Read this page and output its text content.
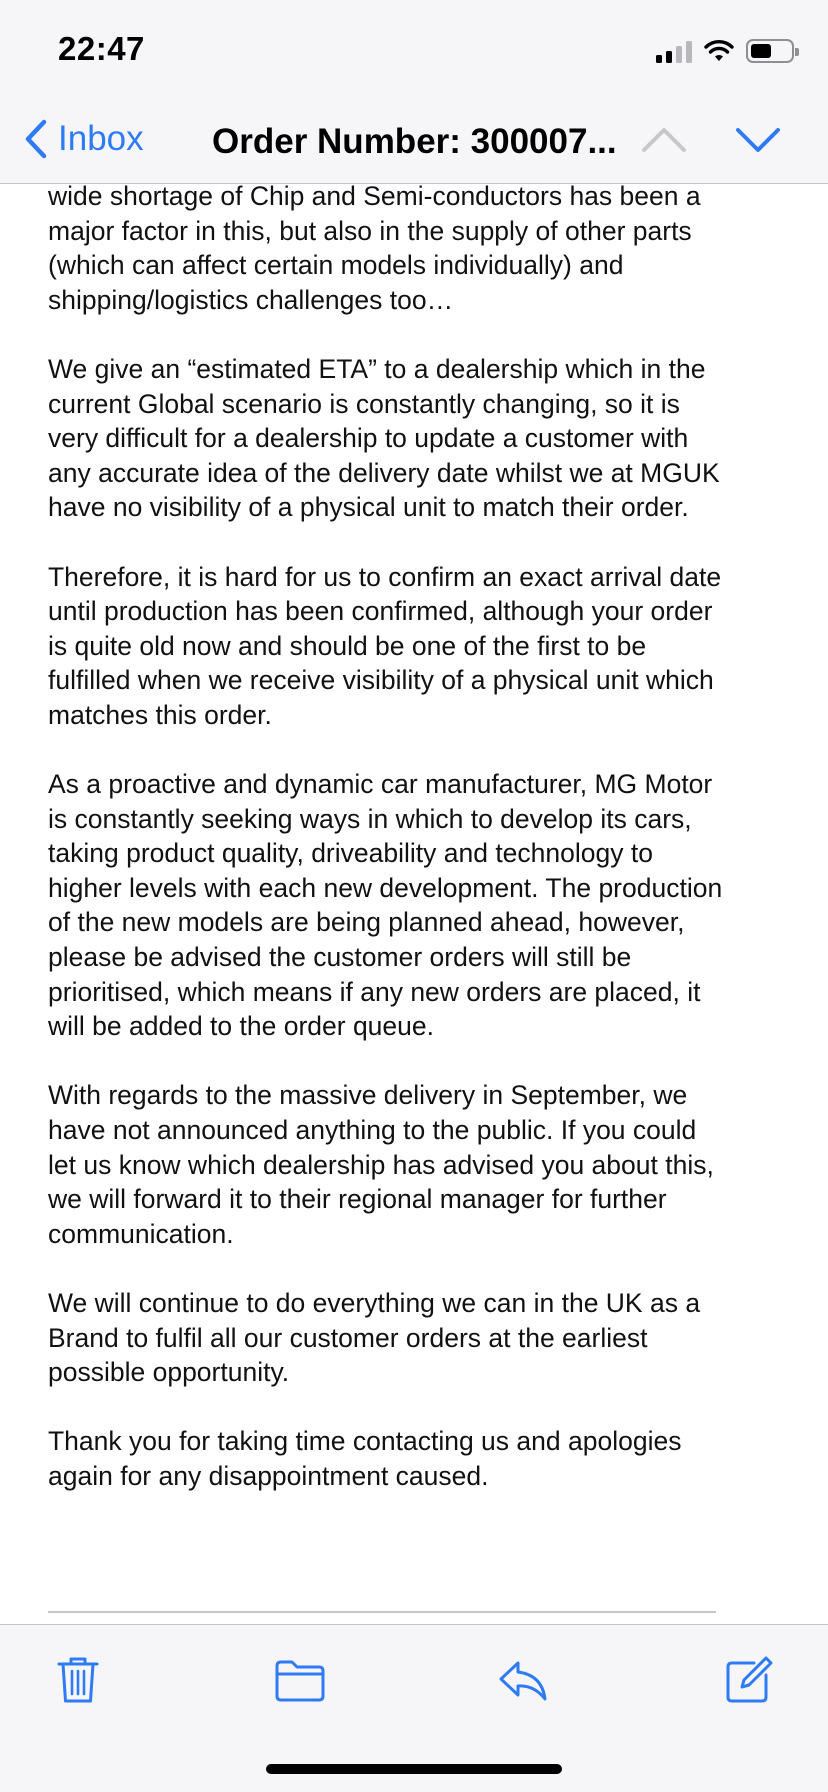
22:47
Inbox Order Number: 300007...

wide shortage of Chip and Semi-conductors has been a major factor in this, but also in the supply of other parts (which can affect certain models individually) and shipping/logistics challenges too…

We give an “estimated ETA” to a dealership which in the current Global scenario is constantly changing, so it is very difficult for a dealership to update a customer with any accurate idea of the delivery date whilst we at MGUK have no visibility of a physical unit to match their order.

Therefore, it is hard for us to confirm an exact arrival date until production has been confirmed, although your order is quite old now and should be one of the first to be fulfilled when we receive visibility of a physical unit which matches this order.

As a proactive and dynamic car manufacturer, MG Motor is constantly seeking ways in which to develop its cars, taking product quality, driveability and technology to higher levels with each new development. The production of the new models are being planned ahead, however, please be advised the customer orders will still be prioritised, which means if any new orders are placed, it will be added to the order queue.

With regards to the massive delivery in September, we have not announced anything to the public. If you could let us know which dealership has advised you about this, we will forward it to their regional manager for further communication.

We will continue to do everything we can in the UK as a Brand to fulfil all our customer orders at the earliest possible opportunity.

Thank you for taking time contacting us and apologies again for any disappointment caused.
